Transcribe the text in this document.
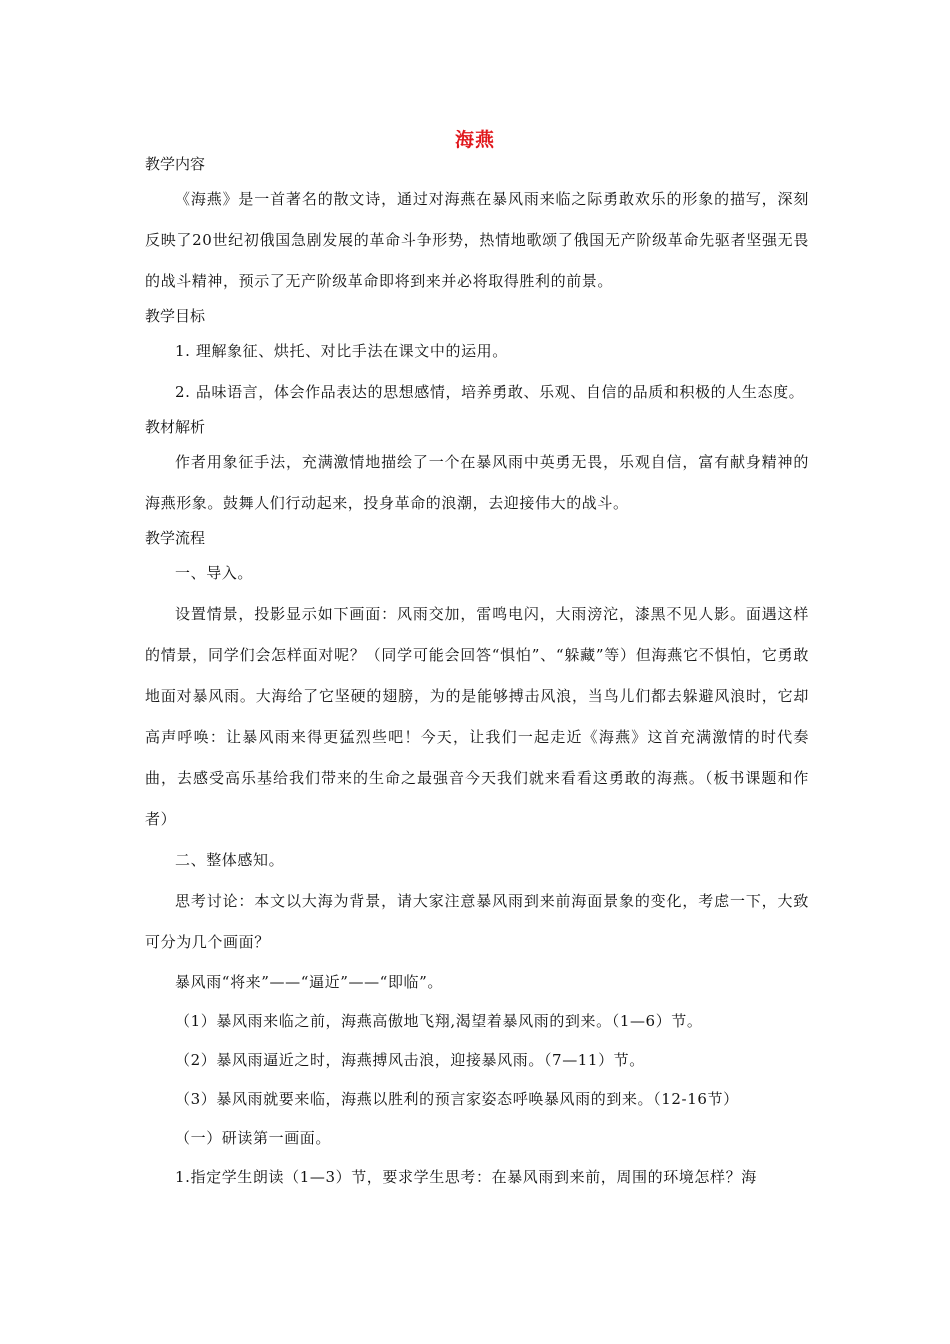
海燕

教学内容

《海燕》是一首著名的散文诗，通过对海燕在暴风雨来临之际勇敢欢乐的形象的描写，深刻反映了20世纪初俄国急剧发展的革命斗争形势，热情地歌颂了俄国无产阶级革命先驱者坚强无畏的战斗精神，预示了无产阶级革命即将到来并必将取得胜利的前景。

教学目标

1. 理解象征、烘托、对比手法在课文中的运用。

2. 品味语言，体会作品表达的思想感情，培养勇敢、乐观、自信的品质和积极的人生态度。

教材解析

作者用象征手法，充满激情地描绘了一个在暴风雨中英勇无畏，乐观自信，富有献身精神的海燕形象。鼓舞人们行动起来，投身革命的浪潮，去迎接伟大的战斗。

教学流程

一、导入。

设置情景，投影显示如下画面：风雨交加，雷鸣电闪，大雨滂沱，漆黑不见人影。面遇这样的情景，同学们会怎样面对呢？（同学可能会回答“惧怕”、“躲藏”等）但海燕它不惧怕，它勇敢地面对暴风雨。大海给了它坚硬的翅膀，为的是能够搏击风浪，当鸟儿们都去躲避风浪时，它却高声呼唤：让暴风雨来得更猛烈些吧！今天，让我们一起走近《海燕》这首充满激情的时代奏曲，去感受高乐基给我们带来的生命之最强音今天我们就来看看这勇敢的海燕。（板书课题和作者）

二、整体感知。

思考讨论：本文以大海为背景，请大家注意暴风雨到来前海面景象的变化，考虑一下，大致可分为几个画面？

暴风雨“将来”——“逼近”——“即临”。

（1）暴风雨来临之前，海燕高傲地飞翔,渴望着暴风雨的到来。（1—6）节。

（2）暴风雨逼近之时，海燕搏风击浪，迎接暴风雨。（7—11）节。

（3）暴风雨就要来临，海燕以胜利的预言家姿态呼唤暴风雨的到来。（12-16节）

（一）研读第一画面。

1.指定学生朗读（1—3）节，要求学生思考：在暴风雨到来前，周围的环境怎样？海
